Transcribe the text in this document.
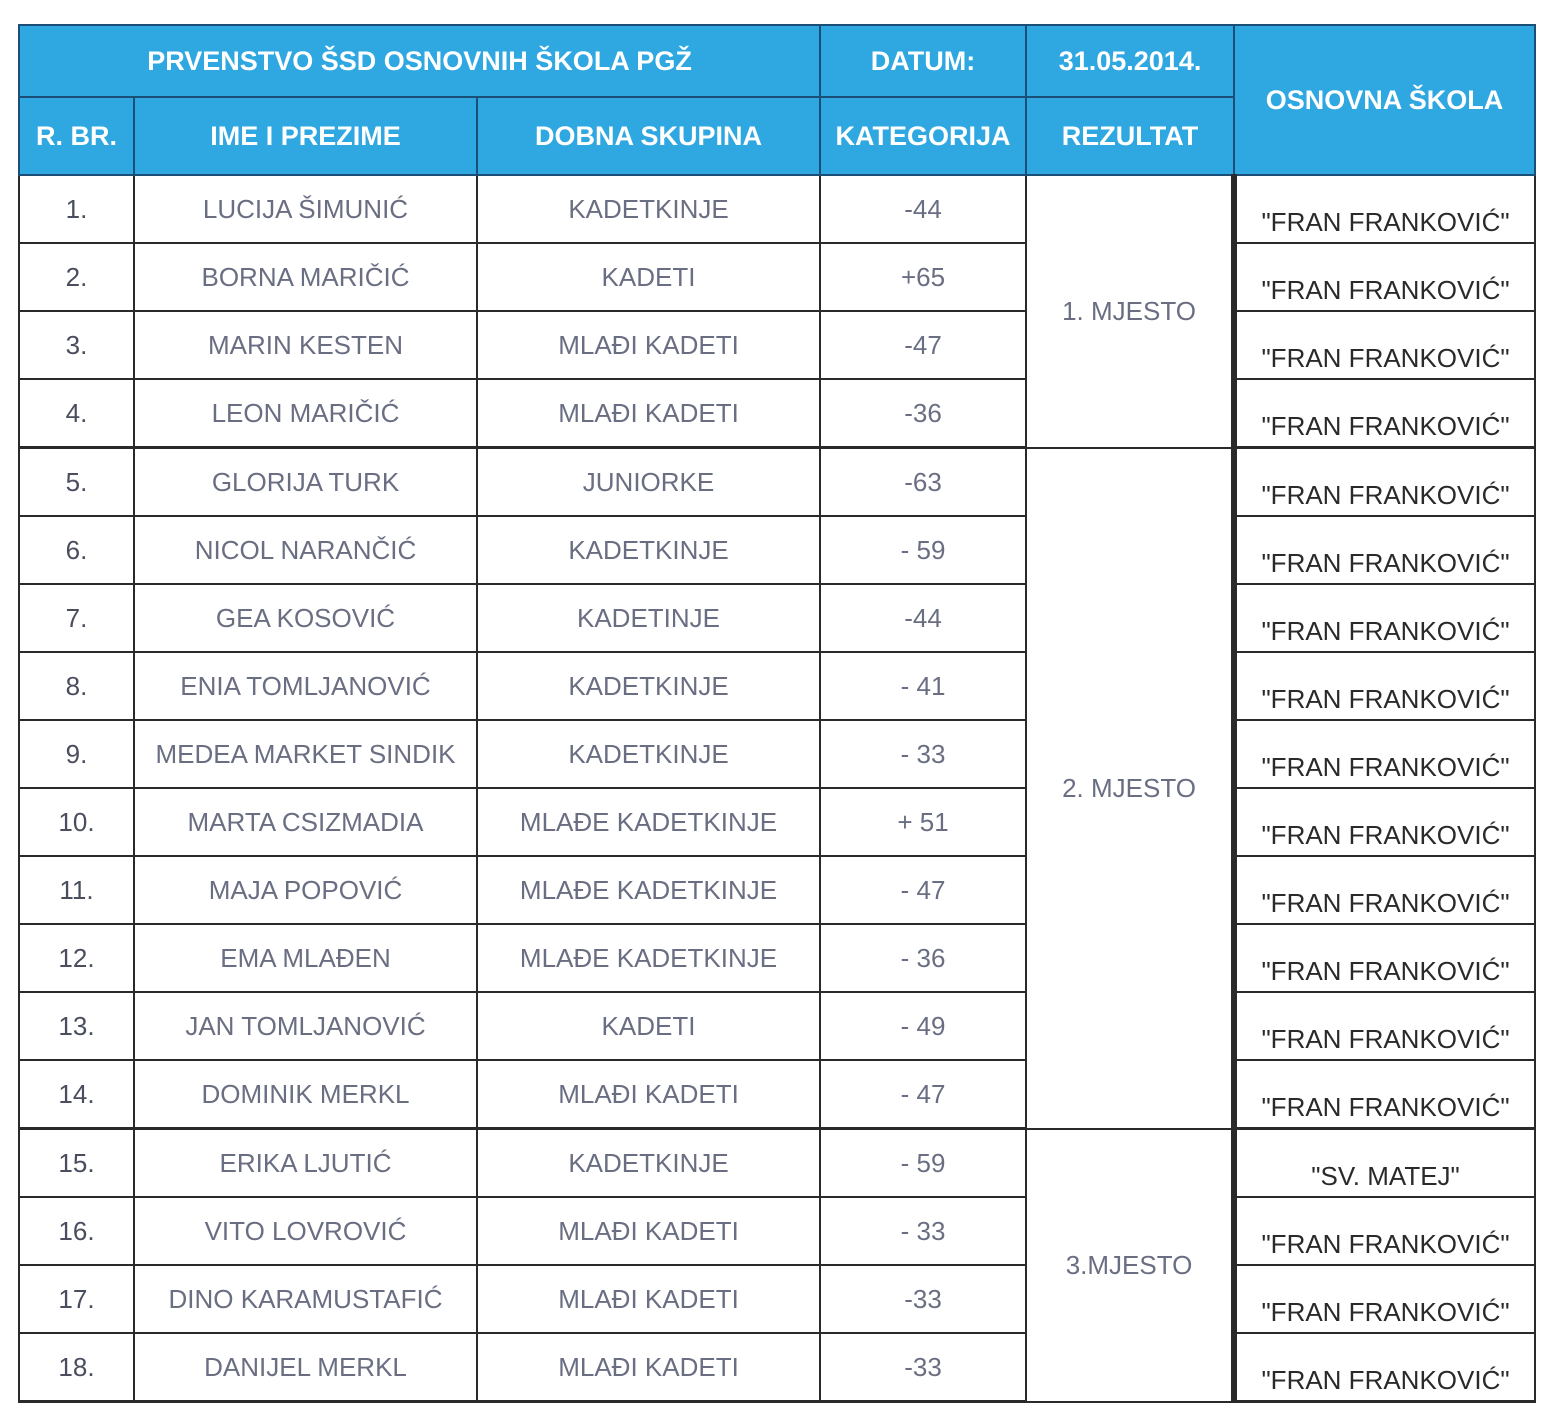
PRVENSTVO ŠSD OSNOVNIH ŠKOLA PGŽ			DATUM:	31.05.2014.	OSNOVNA ŠKOLA
R. BR.	IME I PREZIME	DOBNA SKUPINA	KATEGORIJA	REZULTAT	
1.	LUCIJA ŠIMUNIĆ	KADETKINJE	-44	1. MJESTO	"FRAN FRANKOVIĆ"
2.	BORNA MARIČIĆ	KADETI	+65		"FRAN FRANKOVIĆ"
3.	MARIN KESTEN	MLAĐI KADETI	-47		"FRAN FRANKOVIĆ"
4.	LEON MARIČIĆ	MLAĐI KADETI	-36		"FRAN FRANKOVIĆ"
5.	GLORIJA TURK	JUNIORKE	-63	2. MJESTO	"FRAN FRANKOVIĆ"
6.	NICOL NARANČIĆ	KADETKINJE	- 59		"FRAN FRANKOVIĆ"
7.	GEA KOSOVIĆ	KADETINJE	-44		"FRAN FRANKOVIĆ"
8.	ENIA TOMLJANOVIĆ	KADETKINJE	- 41		"FRAN FRANKOVIĆ"
9.	MEDEA MARKET SINDIK	KADETKINJE	- 33		"FRAN FRANKOVIĆ"
10.	MARTA CSIZMADIA	MLAĐE KADETKINJE	+ 51		"FRAN FRANKOVIĆ"
11.	MAJA POPOVIĆ	MLAĐE KADETKINJE	- 47		"FRAN FRANKOVIĆ"
12.	EMA MLAĐEN	MLAĐE KADETKINJE	- 36		"FRAN FRANKOVIĆ"
13.	JAN TOMLJANOVIĆ	KADETI	- 49		"FRAN FRANKOVIĆ"
14.	DOMINIK MERKL	MLAĐI KADETI	- 47		"FRAN FRANKOVIĆ"
15.	ERIKA LJUTIĆ	KADETKINJE	- 59	3.MJESTO	"SV. MATEJ"
16.	VITO LOVROVIĆ	MLAĐI KADETI	- 33		"FRAN FRANKOVIĆ"
17.	DINO KARAMUSTAFIĆ	MLAĐI KADETI	-33		"FRAN FRANKOVIĆ"
18.	DANIJEL MERKL	MLAĐI KADETI	-33		"FRAN FRANKOVIĆ"
